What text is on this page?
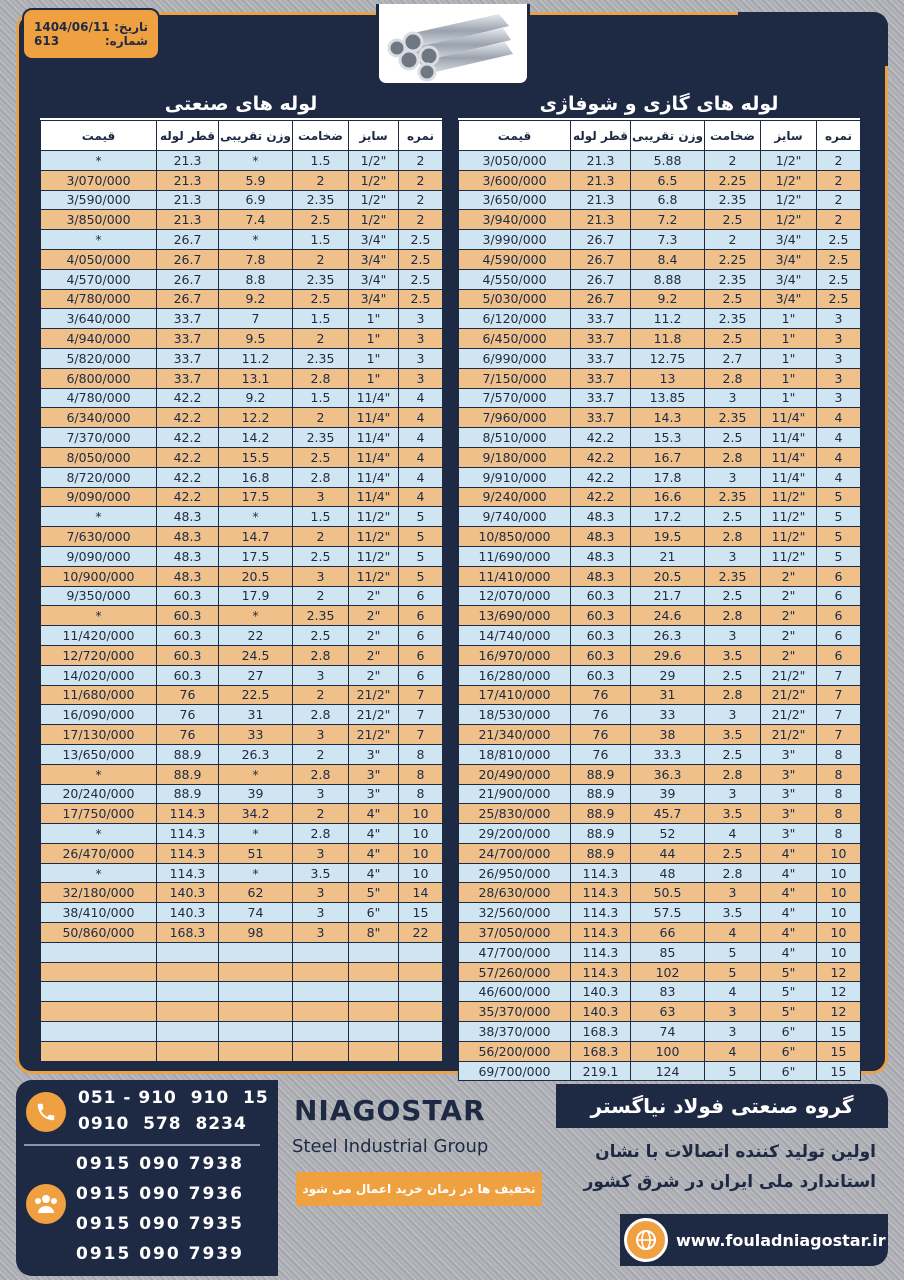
تاریخ:
1404/06/11
شماره:
613
لوله های گازی

و شوفاژی
نمره	سایز	ضخامت	وزن تقریبی	قطر لوله	قیمت
2	1/2"	2	5.88	21.3	3/050/000
2	1/2"	2.25	6.5	21.3	3/600/000
2	1/2"	2.35	6.8	21.3	3/650/000
2	1/2"	2.5	7.2	21.3	3/940/000
2.5	3/4"	2	7.3	26.7	3/990/000
2.5	3/4"	2.25	8.4	26.7	4/590/000
2.5	3/4"	2.35	8.88	26.7	4/550/000
2.5	3/4"	2.5	9.2	26.7	5/030/000
3	1"	2.35	11.2	33.7	6/120/000
3	1"	2.5	11.8	33.7	6/450/000
3	1"	2.7	12.75	33.7	6/990/000
3	1"	2.8	13	33.7	7/150/000
3	1"	3	13.85	33.7	7/570/000
4	11/4"	2.35	14.3	33.7	7/960/000
4	11/4"	2.5	15.3	42.2	8/510/000
4	11/4"	2.8	16.7	42.2	9/180/000
4	11/4"	3	17.8	42.2	9/910/000
5	11/2"	2.35	16.6	42.2	9/240/000
5	11/2"	2.5	17.2	48.3	9/740/000
5	11/2"	2.8	19.5	48.3	10/850/000
5	11/2"	3	21	48.3	11/690/000
6	2"	2.35	20.5	48.3	11/410/000
6	2"	2.5	21.7	60.3	12/070/000
6	2"	2.8	24.6	60.3	13/690/000
6	2"	3	26.3	60.3	14/740/000
6	2"	3.5	29.6	60.3	16/970/000
7	21/2"	2.5	29	60.3	16/280/000
7	21/2"	2.8	31	76	17/410/000
7	21/2"	3	33	76	18/530/000
7	21/2"	3.5	38	76	21/340/000
8	3"	2.5	33.3	76	18/810/000
8	3"	2.8	36.3	88.9	20/490/000
8	3"	3	39	88.9	21/900/000
8	3"	3.5	45.7	88.9	25/830/000
8	3"	4	52	88.9	29/200/000
10	4"	2.5	44	88.9	24/700/000
10	4"	2.8	48	114.3	26/950/000
10	4"	3	50.5	114.3	28/630/000
10	4"	3.5	57.5	114.3	32/560/000
10	4"	4	66	114.3	37/050/000
10	4"	5	85	114.3	47/700/000
12	5"	5	102	114.3	57/260/000
12	5"	4	83	140.3	46/600/000
12	5"	3	63	140.3	35/370/000
15	6"	3	74	168.3	38/370/000
15	6"	4	100	168.3	56/200/000
15	6"	5	124	219.1	69/700/000
لوله های صنعتی
نمره	سایز	ضخامت	وزن تقریبی	قطر لوله	قیمت
2	1/2"	1.5	*	21.3	*
2	1/2"	2	5.9	21.3	3/070/000
2	1/2"	2.35	6.9	21.3	3/590/000
2	1/2"	2.5	7.4	21.3	3/850/000
2.5	3/4"	1.5	*	26.7	*
2.5	3/4"	2	7.8	26.7	4/050/000
2.5	3/4"	2.35	8.8	26.7	4/570/000
2.5	3/4"	2.5	9.2	26.7	4/780/000
3	1"	1.5	7	33.7	3/640/000
3	1"	2	9.5	33.7	4/940/000
3	1"	2.35	11.2	33.7	5/820/000
3	1"	2.8	13.1	33.7	6/800/000
4	11/4"	1.5	9.2	42.2	4/780/000
4	11/4"	2	12.2	42.2	6/340/000
4	11/4"	2.35	14.2	42.2	7/370/000
4	11/4"	2.5	15.5	42.2	8/050/000
4	11/4"	2.8	16.8	42.2	8/720/000
4	11/4"	3	17.5	42.2	9/090/000
5	11/2"	1.5	*	48.3	*
5	11/2"	2	14.7	48.3	7/630/000
5	11/2"	2.5	17.5	48.3	9/090/000
5	11/2"	3	20.5	48.3	10/900/000
6	2"	2	17.9	60.3	9/350/000
6	2"	2.35	*	60.3	*
6	2"	2.5	22	60.3	11/420/000
6	2"	2.8	24.5	60.3	12/720/000
6	2"	3	27	60.3	14/020/000
7	21/2"	2	22.5	76	11/680/000
7	21/2"	2.8	31	76	16/090/000
7	21/2"	3	33	76	17/130/000
8	3"	2	26.3	88.9	13/650/000
8	3"	2.8	*	88.9	*
8	3"	3	39	88.9	20/240/000
10	4"	2	34.2	114.3	17/750/000
10	4"	2.8	*	114.3	*
10	4"	3	51	114.3	26/470/000
10	4"	3.5	*	114.3	*
14	5"	3	62	140.3	32/180/000
15	6"	3	74	140.3	38/410/000
22	8"	3	98	168.3	50/860/000

051 - 910  910  15
0910  578  8234
0915 090 7938
0915 090 7936
0915 090 7935
0915 090 7939
NIAGOSTAR
Steel Industrial Group
تخفیف ها در زمان خرید اعمال می شود
گروه صنعتی فولاد نیاگستر
اولین تولید کننده اتصالات با نشان
استاندارد ملی ایران در شرق کشور
www.fouladniagostar.ir
